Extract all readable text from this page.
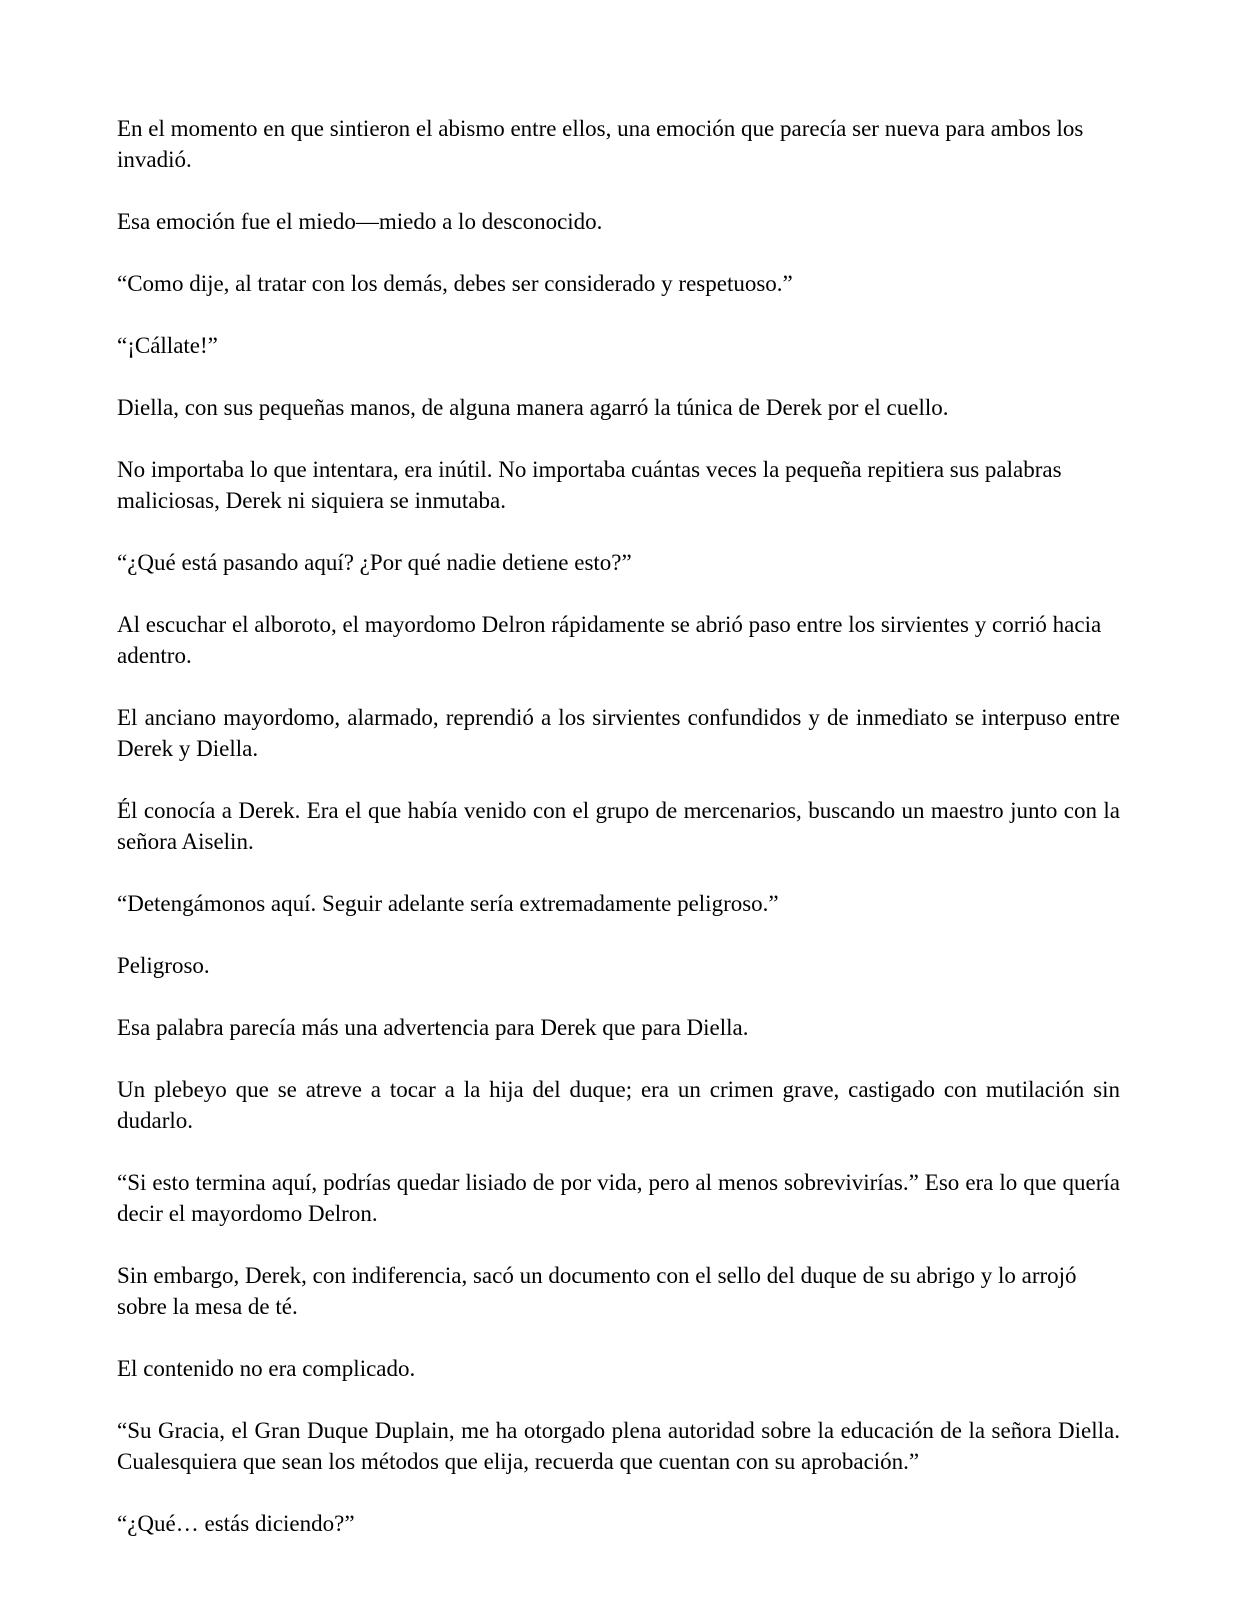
En el momento en que sintieron el abismo entre ellos, una emoción que parecía ser nueva para ambos los invadió.

Esa emoción fue el miedo—miedo a lo desconocido.

“Como dije, al tratar con los demás, debes ser considerado y respetuoso.”

“¡Cállate!”

Diella, con sus pequeñas manos, de alguna manera agarró la túnica de Derek por el cuello.

No importaba lo que intentara, era inútil. No importaba cuántas veces la pequeña repitiera sus palabras maliciosas, Derek ni siquiera se inmutaba.

“¿Qué está pasando aquí? ¿Por qué nadie detiene esto?”

Al escuchar el alboroto, el mayordomo Delron rápidamente se abrió paso entre los sirvientes y corrió hacia adentro.

El anciano mayordomo, alarmado, reprendió a los sirvientes confundidos y de inmediato se interpuso entre Derek y Diella.

Él conocía a Derek. Era el que había venido con el grupo de mercenarios, buscando un maestro junto con la señora Aiselin.

“Detengámonos aquí. Seguir adelante sería extremadamente peligroso.”

Peligroso.

Esa palabra parecía más una advertencia para Derek que para Diella.

Un plebeyo que se atreve a tocar a la hija del duque; era un crimen grave, castigado con mutilación sin dudarlo.

“Si esto termina aquí, podrías quedar lisiado de por vida, pero al menos sobrevivirías.” Eso era lo que quería decir el mayordomo Delron.

Sin embargo, Derek, con indiferencia, sacó un documento con el sello del duque de su abrigo y lo arrojó sobre la mesa de té.

El contenido no era complicado.

“Su Gracia, el Gran Duque Duplain, me ha otorgado plena autoridad sobre la educación de la señora Diella. Cualesquiera que sean los métodos que elija, recuerda que cuentan con su aprobación.”

“¿Qué… estás diciendo?”
